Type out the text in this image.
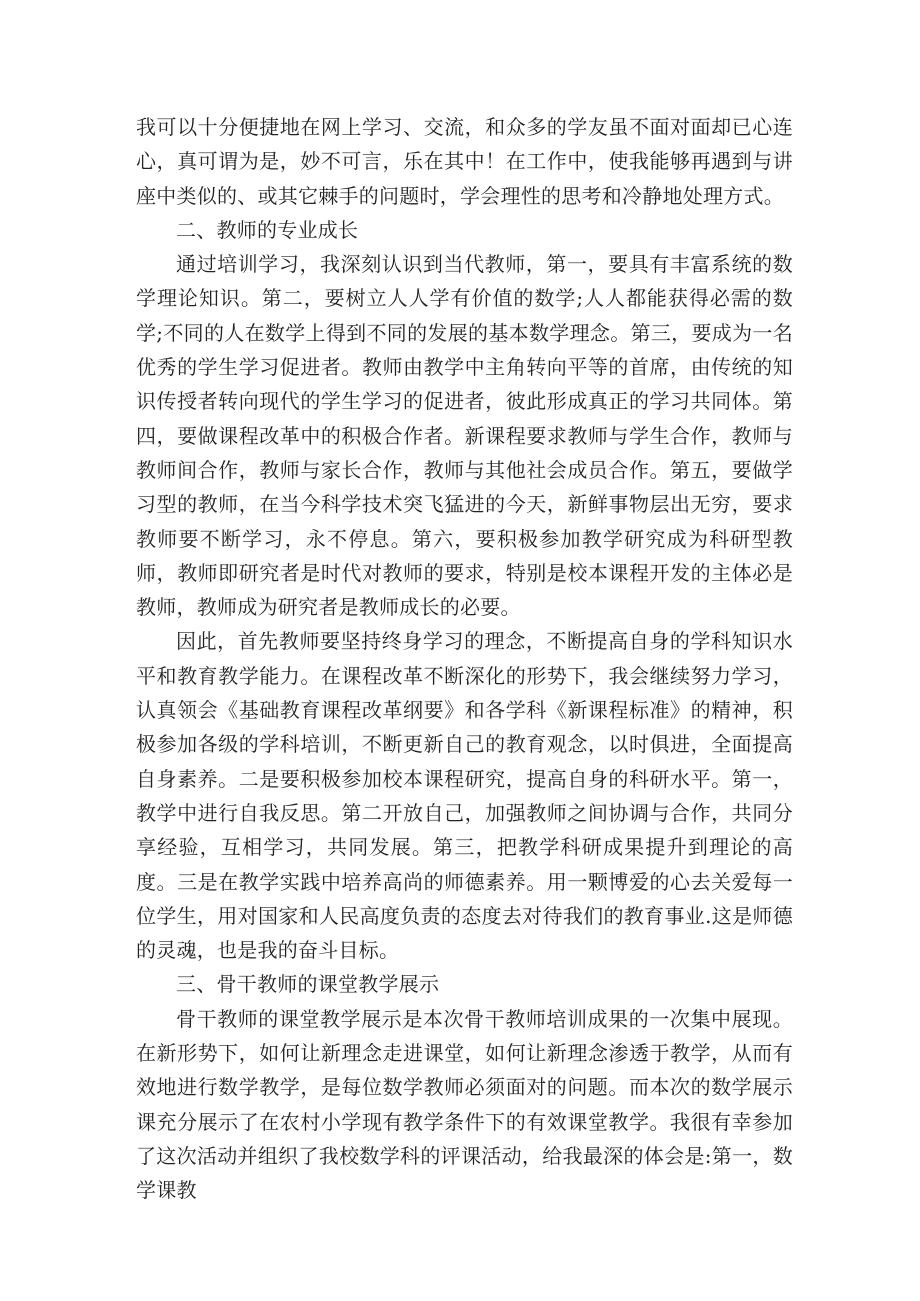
我可以十分便捷地在网上学习、交流，和众多的学友虽不面对面却已心连心，真可谓为是，妙不可言，乐在其中！在工作中，使我能够再遇到与讲座中类似的、或其它棘手的问题时，学会理性的思考和冷静地处理方式。

二、教师的专业成长

通过培训学习，我深刻认识到当代教师，第一，要具有丰富系统的数学理论知识。第二，要树立人人学有价值的数学;人人都能获得必需的数学;不同的人在数学上得到不同的发展的基本数学理念。第三，要成为一名优秀的学生学习促进者。教师由教学中主角转向平等的首席，由传统的知识传授者转向现代的学生学习的促进者，彼此形成真正的学习共同体。第四，要做课程改革中的积极合作者。新课程要求教师与学生合作，教师与教师间合作，教师与家长合作，教师与其他社会成员合作。第五，要做学习型的教师，在当今科学技术突飞猛进的今天，新鲜事物层出无穷，要求教师要不断学习，永不停息。第六，要积极参加教学研究成为科研型教师，教师即研究者是时代对教师的要求，特别是校本课程开发的主体必是教师，教师成为研究者是教师成长的必要。

因此，首先教师要坚持终身学习的理念，不断提高自身的学科知识水平和教育教学能力。在课程改革不断深化的形势下，我会继续努力学习，认真领会《基础教育课程改革纲要》和各学科《新课程标准》的精神，积极参加各级的学科培训，不断更新自己的教育观念，以时俱进，全面提高自身素养。二是要积极参加校本课程研究，提高自身的科研水平。第一，教学中进行自我反思。第二开放自己，加强教师之间协调与合作，共同分享经验，互相学习，共同发展。第三，把教学科研成果提升到理论的高度。三是在教学实践中培养高尚的师德素养。用一颗博爱的心去关爱每一位学生，用对国家和人民高度负责的态度去对待我们的教育事业.这是师德的灵魂，也是我的奋斗目标。

三、骨干教师的课堂教学展示

骨干教师的课堂教学展示是本次骨干教师培训成果的一次集中展现。在新形势下，如何让新理念走进课堂，如何让新理念渗透于教学，从而有效地进行数学教学，是每位数学教师必须面对的问题。而本次的数学展示课充分展示了在农村小学现有教学条件下的有效课堂教学。我很有幸参加了这次活动并组织了我校数学科的评课活动，给我最深的体会是:第一，数学课教
